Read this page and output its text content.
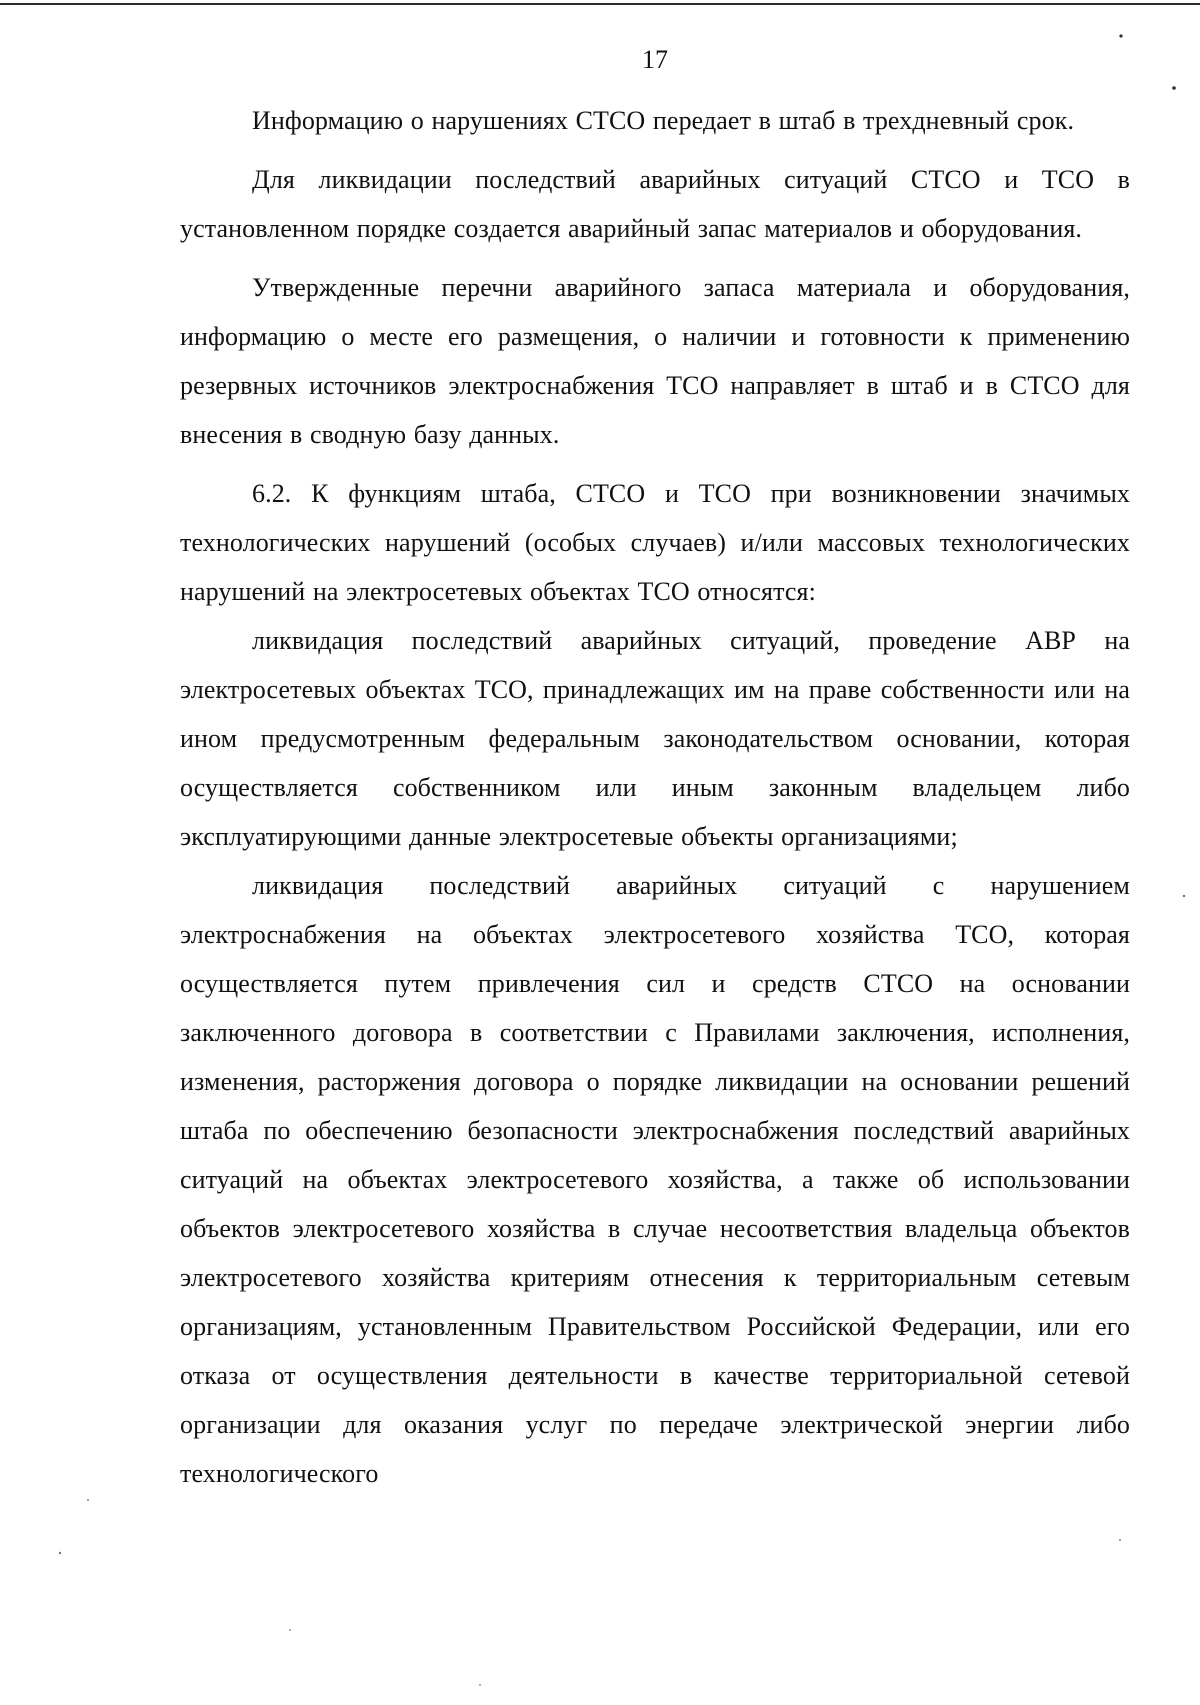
17

Информацию о нарушениях СТСО передает в штаб в трехдневный срок.

Для ликвидации последствий аварийных ситуаций СТСО и ТСО в установленном порядке создается аварийный запас материалов и оборудования.

Утвержденные перечни аварийного запаса материала и оборудования, информацию о месте его размещения, о наличии и готовности к применению резервных источников электроснабжения ТСО направляет в штаб и в СТСО для внесения в сводную базу данных.

6.2. К функциям штаба, СТСО и ТСО при возникновении значимых технологических нарушений (особых случаев) и/или массовых технологических нарушений на электросетевых объектах ТСО относятся:

ликвидация последствий аварийных ситуаций, проведение АВР на электросетевых объектах ТСО, принадлежащих им на праве собственности или на ином предусмотренным федеральным законодательством основании, которая осуществляется собственником или иным законным владельцем либо эксплуатирующими данные электросетевые объекты организациями;

ликвидация последствий аварийных ситуаций с нарушением электроснабжения на объектах электросетевого хозяйства ТСО, которая осуществляется путем привлечения сил и средств СТСО на основании заключенного договора в соответствии с Правилами заключения, исполнения, изменения, расторжения договора о порядке ликвидации на основании решений штаба по обеспечению безопасности электроснабжения последствий аварийных ситуаций на объектах электросетевого хозяйства, а также об использовании объектов электросетевого хозяйства в случае несоответствия владельца объектов электросетевого хозяйства критериям отнесения к территориальным сетевым организациям, установленным Правительством Российской Федерации, или его отказа от осуществления деятельности в качестве территориальной сетевой организации для оказания услуг по передаче электрической энергии либо технологического
